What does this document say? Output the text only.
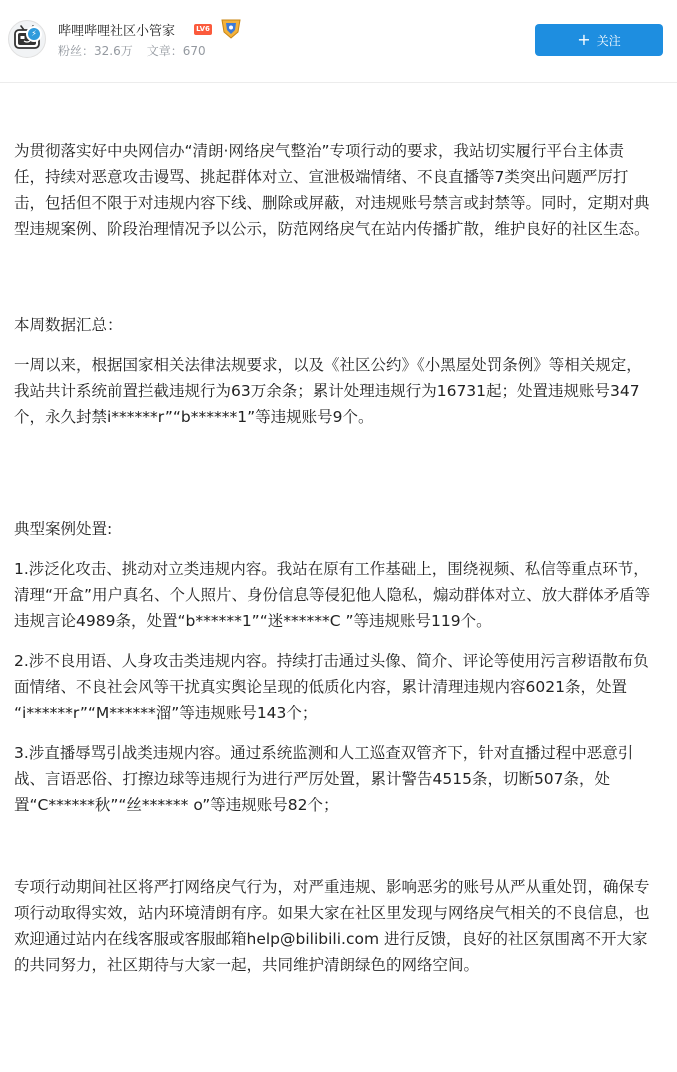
⚡	哔哩哔哩社区小管家	LV6
粉丝：32.6万 文章：670
+ 关注

为贯彻落实好中央网信办“清朗·网络戾气整治”专项行动的要求，我站切实履行平台主体责任，持续对恶意攻击谩骂、挑起群体对立、宣泄极端情绪、不良直播等7类突出问题严厉打击，包括但不限于对违规内容下线、删除或屏蔽，对违规账号禁言或封禁等。同时，定期对典型违规案例、阶段治理情况予以公示，防范网络戾气在站内传播扩散，维护良好的社区生态。

本周数据汇总：

一周以来，根据国家相关法律法规要求，以及《社区公约》《小黑屋处罚条例》等相关规定，我站共计系统前置拦截违规行为63万余条；累计处理违规行为16731起；处置违规账号347个，永久封禁i******r”“b******1”等违规账号9个。

典型案例处置:

1.涉泛化攻击、挑动对立类违规内容。我站在原有工作基础上，围绕视频、私信等重点环节，清理“开盒”用户真名、个人照片、身份信息等侵犯他人隐私，煽动群体对立、放大群体矛盾等违规言论4989条，处置“b******1”“迷******C ”等违规账号119个。

2.涉不良用语、人身攻击类违规内容。持续打击通过头像、简介、评论等使用污言秽语散布负面情绪、不良社会风等干扰真实舆论呈现的低质化内容，累计清理违规内容6021条，处置 “i******r”“M******溜”等违规账号143个；

3.涉直播辱骂引战类违规内容。通过系统监测和人工巡查双管齐下，针对直播过程中恶意引战、言语恶俗、打擦边球等违规行为进行严厉处置，累计警告4515条，切断507条，处置“C******秋”“丝****** o”等违规账号82个；

专项行动期间社区将严打网络戾气行为，对严重违规、影响恶劣的账号从严从重处罚，确保专项行动取得实效，站内环境清朗有序。如果大家在社区里发现与网络戾气相关的不良信息，也欢迎通过站内在线客服或客服邮箱help@bilibili.com 进行反馈，良好的社区氛围离不开大家的共同努力，社区期待与大家一起，共同维护清朗绿色的网络空间。
